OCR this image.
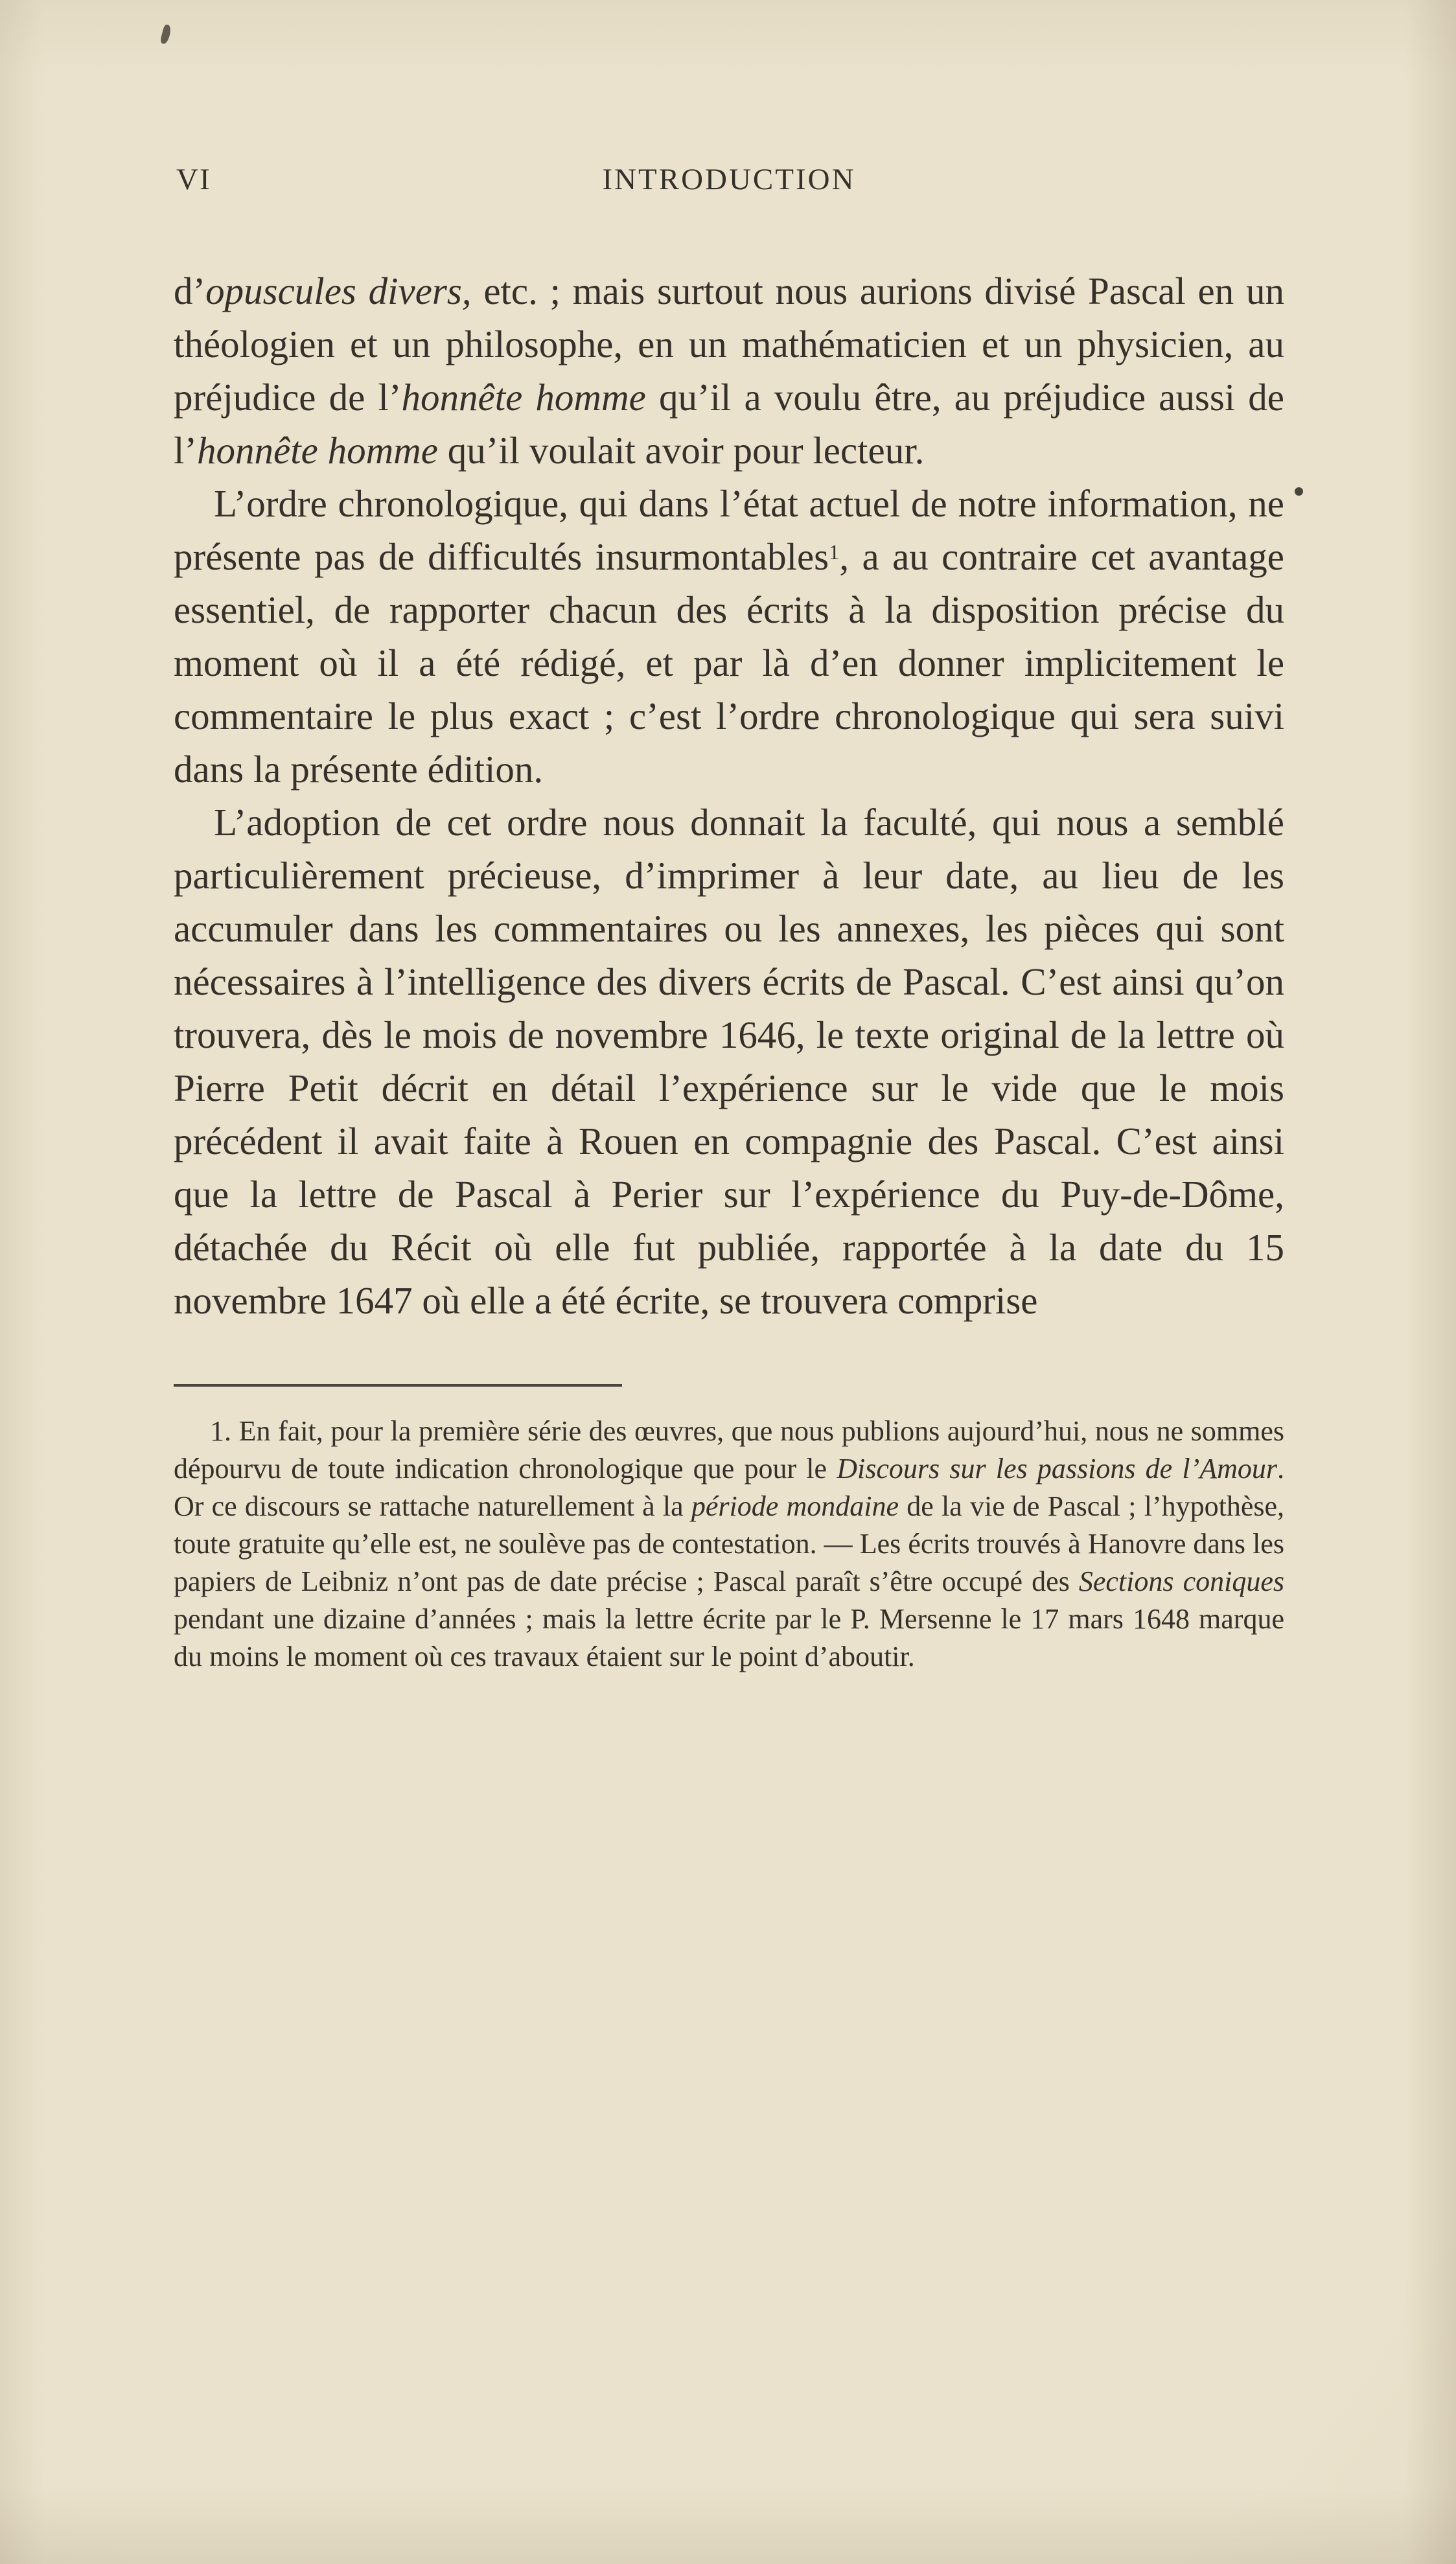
VI	INTRODUCTION

d’opuscules divers, etc. ; mais surtout nous aurions divisé Pascal en un théologien et un philosophe, en un mathématicien et un physicien, au préjudice de l’honnête homme qu’il a voulu être, au préjudice aussi de l’honnête homme qu’il voulait avoir pour lecteur.

L’ordre chronologique, qui dans l’état actuel de notre information, ne présente pas de difficultés insurmontables$^1$, a au contraire cet avantage essentiel, de rapporter chacun des écrits à la disposition précise du moment où il a été rédigé, et par là d’en donner implicitement le commentaire le plus exact ; c’est l’ordre chronologique qui sera suivi dans la présente édition.

L’adoption de cet ordre nous donnait la faculté, qui nous a semblé particulièrement précieuse, d’imprimer à leur date, au lieu de les accumuler dans les commentaires ou les annexes, les pièces qui sont nécessaires à l’intelligence des divers écrits de Pascal. C’est ainsi qu’on trouvera, dès le mois de novembre 1646, le texte original de la lettre où Pierre Petit décrit en détail l’expérience sur le vide que le mois précédent il avait faite à Rouen en compagnie des Pascal. C’est ainsi que la lettre de Pascal à Perier sur l’expérience du Puy-de-Dôme, détachée du Récit où elle fut publiée, rapportée à la date du 15 novembre 1647 où elle a été écrite, se trouvera comprise

1. En fait, pour la première série des œuvres, que nous publions aujourd’hui, nous ne sommes dépourvu de toute indication chronologique que pour le Discours sur les passions de l’Amour. Or ce discours se rattache naturellement à la période mondaine de la vie de Pascal ; l’hypothèse, toute gratuite qu’elle est, ne soulève pas de contestation. — Les écrits trouvés à Hanovre dans les papiers de Leibniz n’ont pas de date précise ; Pascal paraît s’être occupé des Sections coniques pendant une dizaine d’années ; mais la lettre écrite par le P. Mersenne le 17 mars 1648 marque du moins le moment où ces travaux étaient sur le point d’aboutir.
